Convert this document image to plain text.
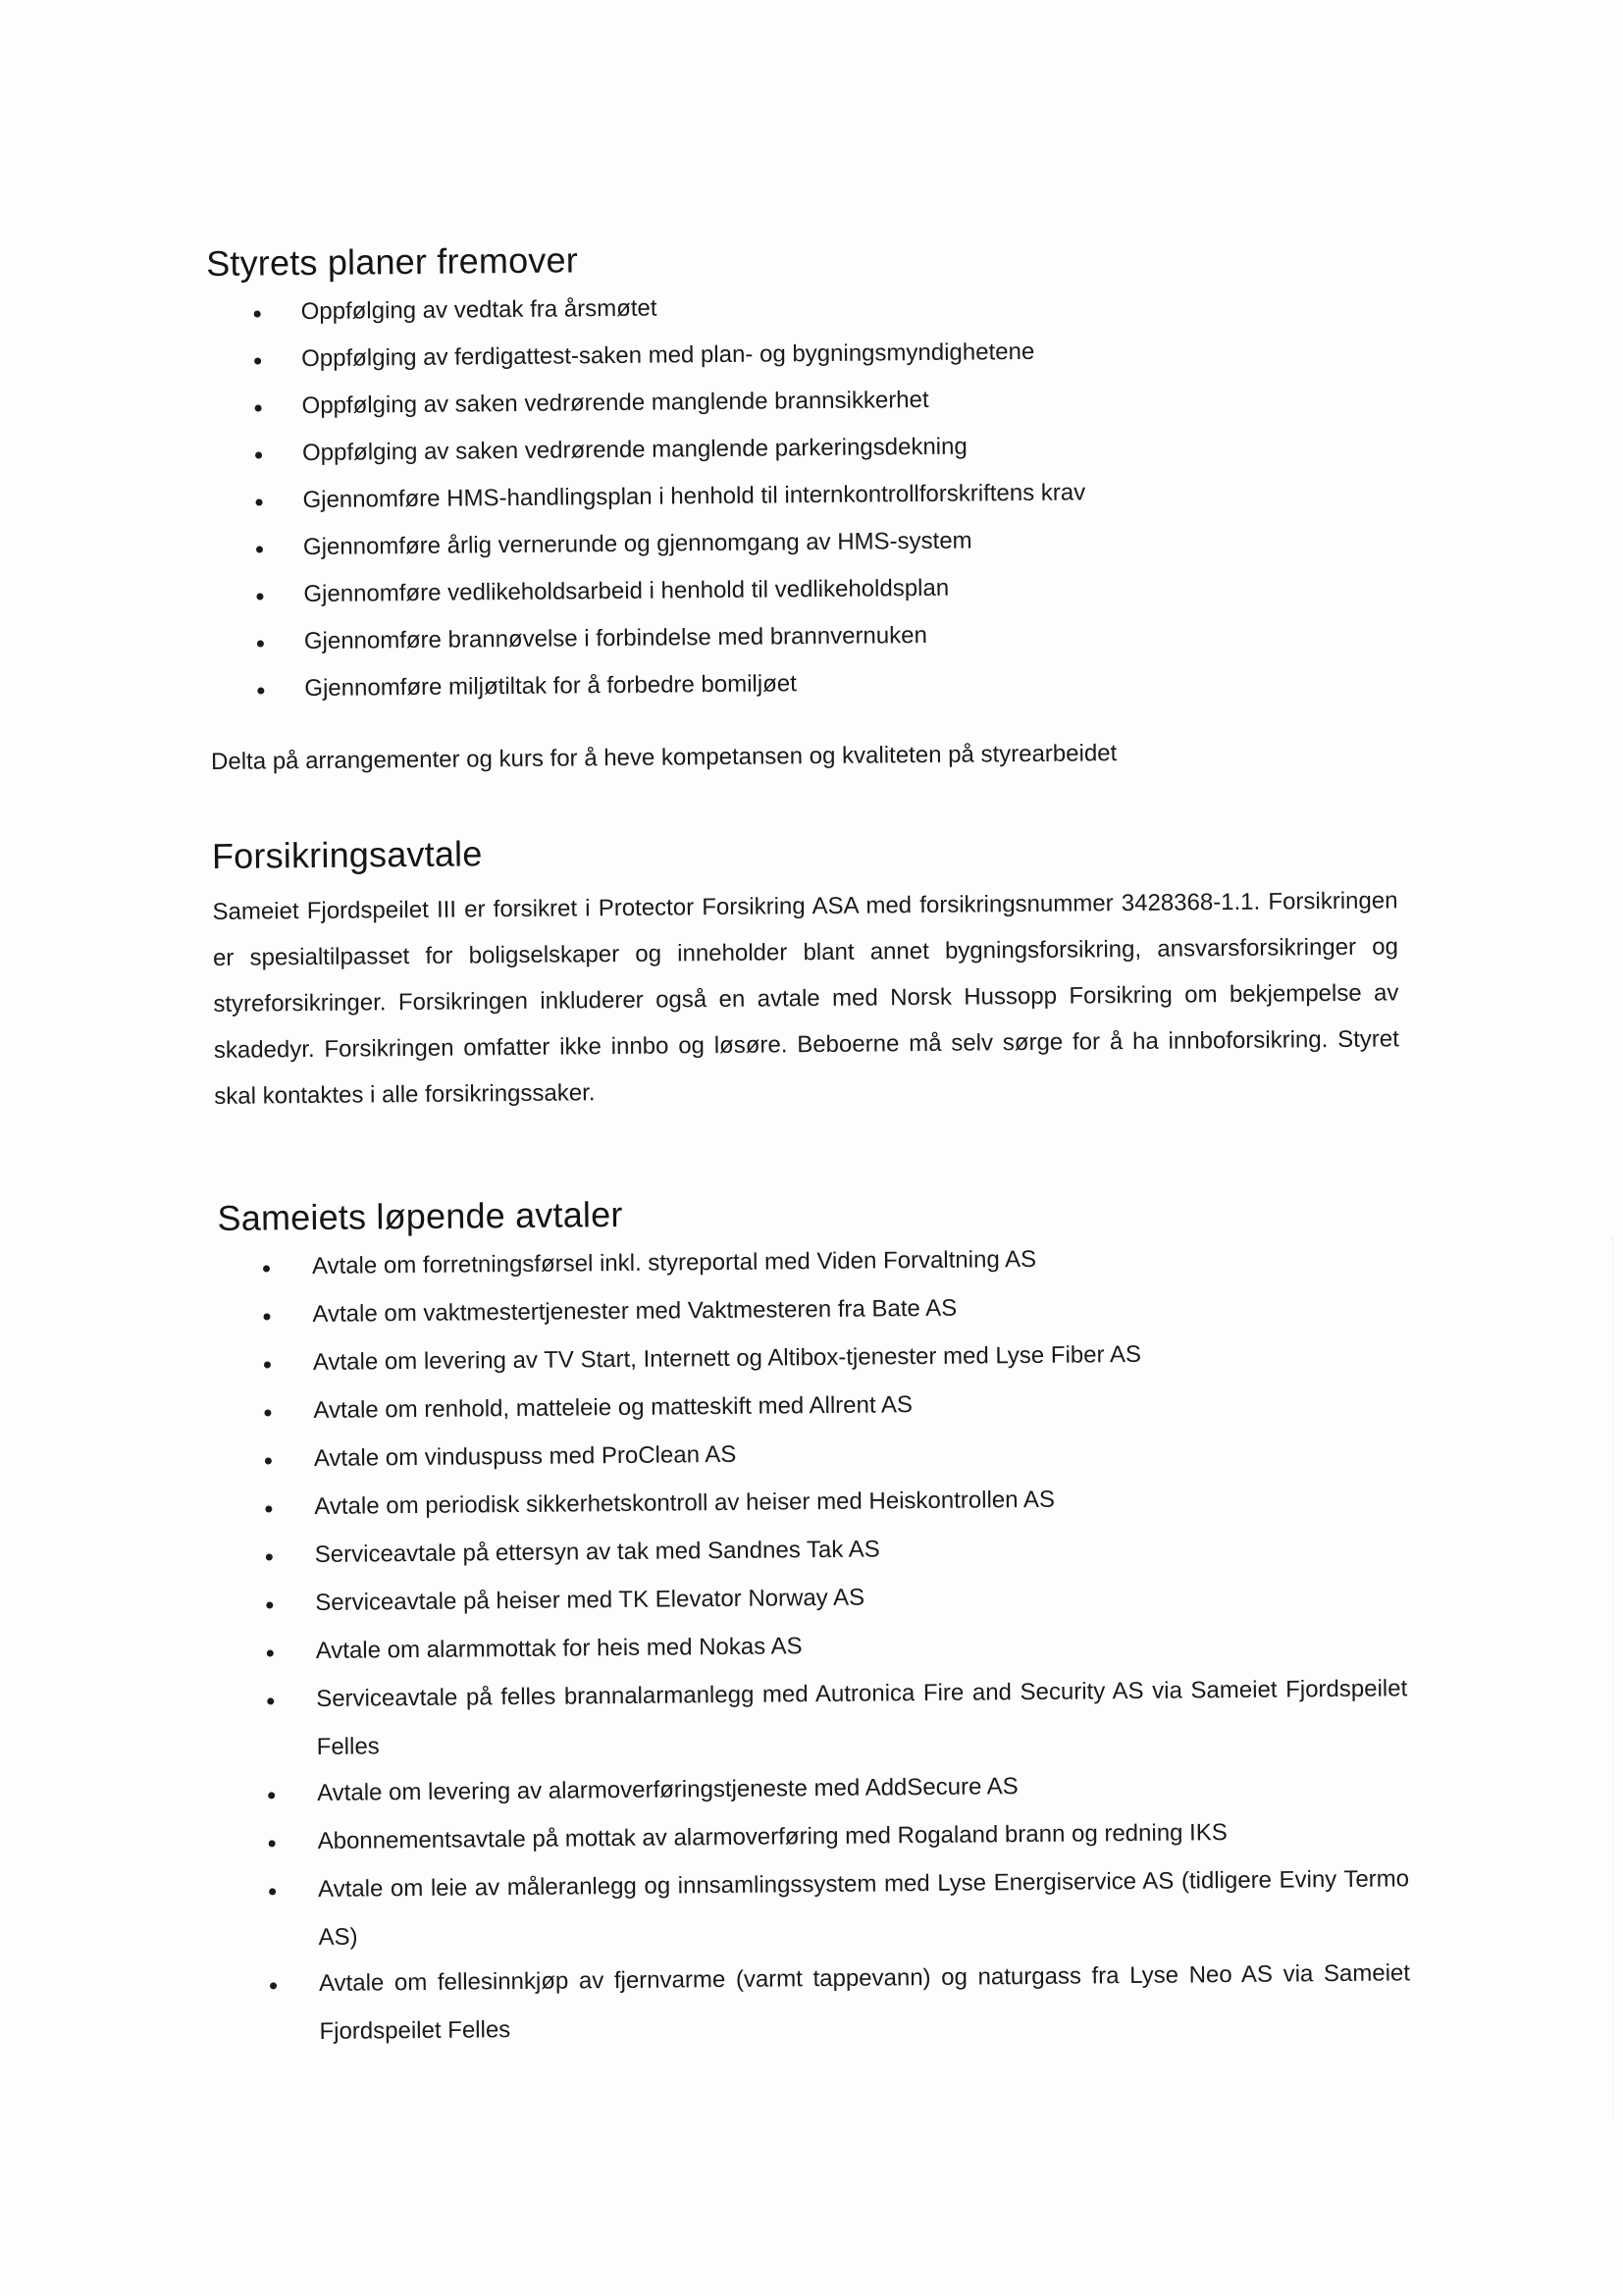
Styrets planer fremover
Oppfølging av vedtak fra årsmøtet
Oppfølging av ferdigattest-saken med plan- og bygningsmyndighetene
Oppfølging av saken vedrørende manglende brannsikkerhet
Oppfølging av saken vedrørende manglende parkeringsdekning
Gjennomføre HMS-handlingsplan i henhold til internkontrollforskriftens krav
Gjennomføre årlig vernerunde og gjennomgang av HMS-system
Gjennomføre vedlikeholdsarbeid i henhold til vedlikeholdsplan
Gjennomføre brannøvelse i forbindelse med brannvernuken
Gjennomføre miljøtiltak for å forbedre bomiljøet

Delta på arrangementer og kurs for å heve kompetansen og kvaliteten på styrearbeidet

Forsikringsavtale

Sameiet Fjordspeilet III er forsikret i Protector Forsikring ASA med forsikringsnummer 3428368-1.1. Forsikringen er spesialtilpasset for boligselskaper og inneholder blant annet bygningsforsikring, ansvarsforsikringer og styreforsikringer. Forsikringen inkluderer også en avtale med Norsk Hussopp Forsikring om bekjempelse av skadedyr. Forsikringen omfatter ikke innbo og løsøre. Beboerne må selv sørge for å ha innboforsikring. Styret skal kontaktes i alle forsikringssaker.

Sameiets løpende avtaler
Avtale om forretningsførsel inkl. styreportal med Viden Forvaltning AS
Avtale om vaktmestertjenester med Vaktmesteren fra Bate AS
Avtale om levering av TV Start, Internett og Altibox-tjenester med Lyse Fiber AS
Avtale om renhold, matteleie og matteskift med Allrent AS
Avtale om vinduspuss med ProClean AS
Avtale om periodisk sikkerhetskontroll av heiser med Heiskontrollen AS
Serviceavtale på ettersyn av tak med Sandnes Tak AS
Serviceavtale på heiser med TK Elevator Norway AS
Avtale om alarmmottak for heis med Nokas AS
Serviceavtale på felles brannalarmanlegg med Autronica Fire and Security AS via Sameiet Fjordspeilet Felles
Avtale om levering av alarmoverføringstjeneste med AddSecure AS
Abonnementsavtale på mottak av alarmoverføring med Rogaland brann og redning IKS
Avtale om leie av måleranlegg og innsamlingssystem med Lyse Energiservice AS (tidligere Eviny Termo AS)
Avtale om fellesinnkjøp av fjernvarme (varmt tappevann) og naturgass fra Lyse Neo AS via Sameiet Fjordspeilet Felles
